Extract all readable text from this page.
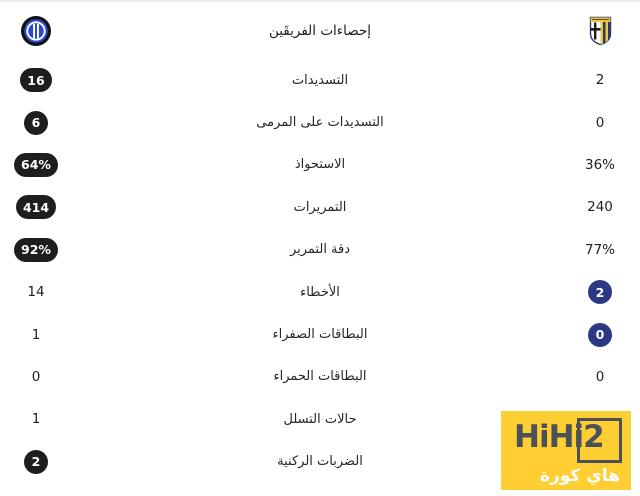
إحصاءات الفريقَين
16	التسديدات	2
6	التسديدات على المرمى	0
64%	الاستحواذ	36%
414	التمريرات	240
92%	دقة التمرير	77%
14	الأخطاء	2
1	البطاقات الصفراء	0
0	البطاقات الحمراء	0
1	حالات التسلل
2	الضربات الركنية
HiHi2
هاي كورة
